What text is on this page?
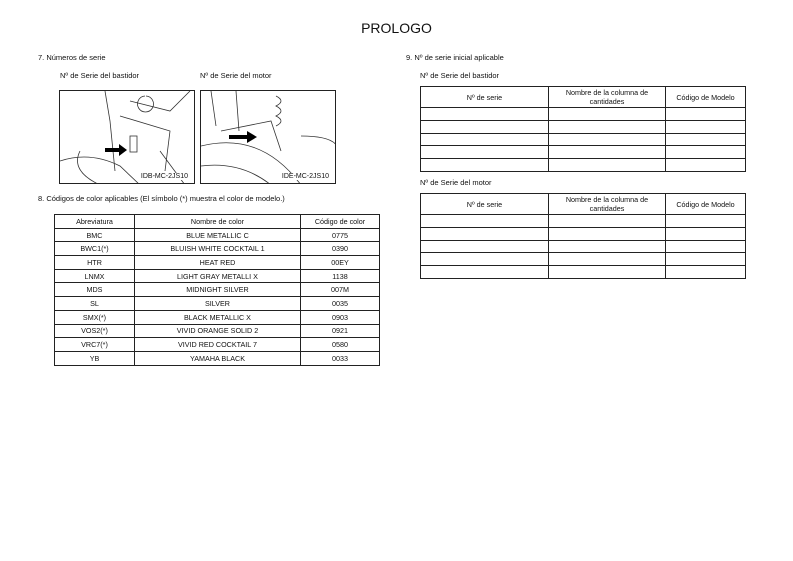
PROLOGO
7. Números de serie
Nº de Serie del bastidor	Nº de Serie del motor
IDB-MC-2JS10	IDE-MC-2JS10
8. Códigos de color aplicables (El símbolo (*) muestra el color de modelo.)
Abreviatura	Nombre de color	Código de color
BMC	BLUE METALLIC C	0775
BWC1(*)	BLUISH WHITE COCKTAIL 1	0390
HTR	HEAT RED	00EY
LNMX	LIGHT GRAY METALLI X	1138
MDS	MIDNIGHT SILVER	007M
SL	SILVER	0035
SMX(*)	BLACK METALLIC X	0903
VOS2(*)	VIVID ORANGE SOLID 2	0921
VRC7(*)	VIVID RED COCKTAIL 7	0580
YB	YAMAHA BLACK	0033
9. Nº de serie inicial aplicable
Nº de Serie del bastidor
Nº de serie	Nombre de la columna de cantidades	Código de Modelo

Nº de Serie del motor
Nº de serie	Nombre de la columna de cantidades	Código de Modelo
